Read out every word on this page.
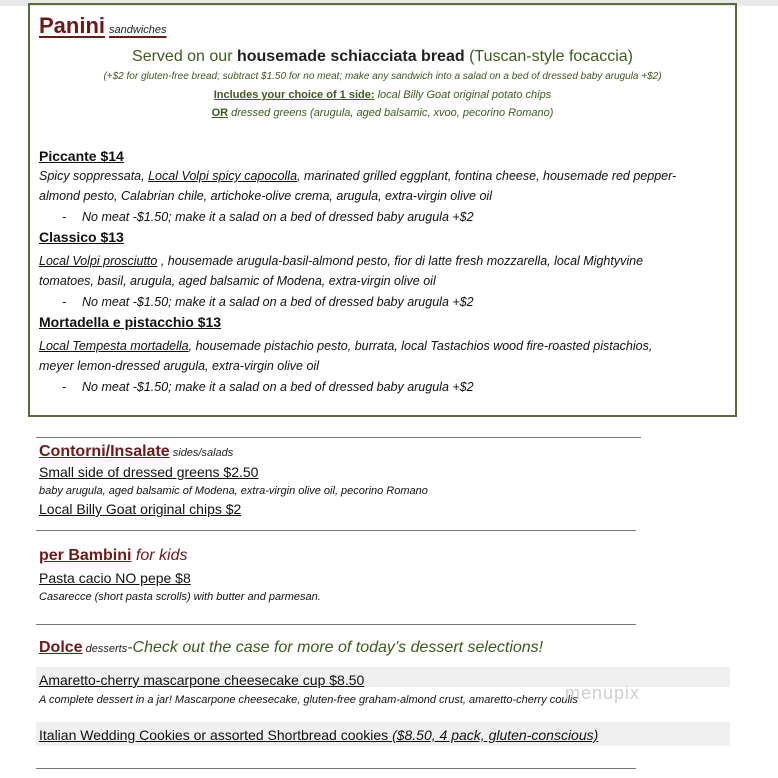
Panini sandwiches
Served on our housemade schiacciata bread (Tuscan-style focaccia)
(+$2 for gluten-free bread; subtract $1.50 for no meat; make any sandwich into a salad on a bed of dressed baby arugula +$2)
Includes your choice of 1 side: local Billy Goat original potato chips
OR dressed greens (arugula, aged balsamic, xvoo, pecorino Romano)
Piccante $14
Spicy soppressata, Local Volpi spicy capocolla, marinated grilled eggplant, fontina cheese, housemade red pepper-
almond pesto, Calabrian chile, artichoke-olive crema, arugula, extra-virgin olive oil
- No meat -$1.50; make it a salad on a bed of dressed baby arugula +$2
Classico $13
Local Volpi prosciutto , housemade arugula-basil-almond pesto, fior di latte fresh mozzarella, local Mightyvine
tomatoes, basil, arugula, aged balsamic of Modena, extra-virgin olive oil
- No meat -$1.50; make it a salad on a bed of dressed baby arugula +$2
Mortadella e pistacchio $13
Local Tempesta mortadella, housemade pistachio pesto, burrata, local Tastachios wood fire-roasted pistachios,
meyer lemon-dressed arugula, extra-virgin olive oil
- No meat -$1.50; make it a salad on a bed of dressed baby arugula +$2
Contorni/Insalate sides/salads
Small side of dressed greens $2.50
baby arugula, aged balsamic of Modena, extra-virgin olive oil, pecorino Romano
Local Billy Goat original chips $2
per Bambini for kids
Pasta cacio NO pepe $8
Casarecce (short pasta scrolls) with butter and parmesan.
Dolce desserts-Check out the case for more of today’s dessert selections!
Amaretto-cherry mascarpone cheesecake cup $8.50
A complete dessert in a jar! Mascarpone cheesecake, gluten-free graham-almond crust, amaretto-cherry coulis
menupix
Italian Wedding Cookies or assorted Shortbread cookies ($8.50, 4 pack, gluten-conscious)
